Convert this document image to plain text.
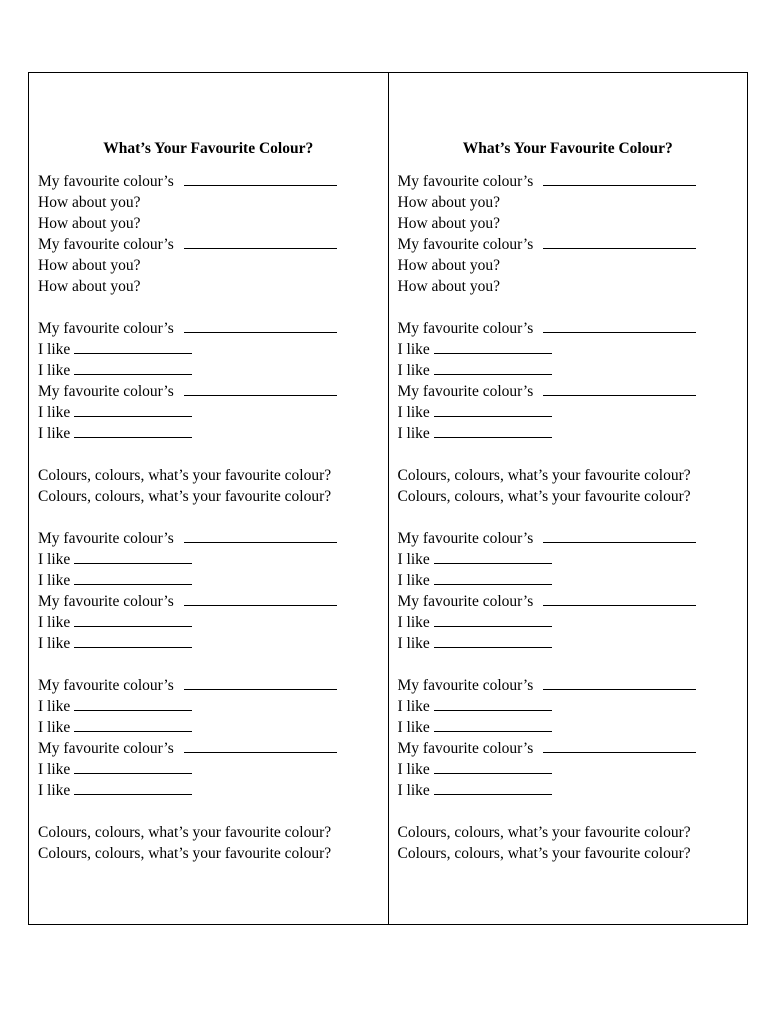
What’s Your Favourite Colour?
My favourite colour’s
How about you?
How about you?
My favourite colour’s
How about you?
How about you?
My favourite colour’s
I like
I like
My favourite colour’s
I like
I like
Colours, colours, what’s your favourite colour?
Colours, colours, what’s your favourite colour?
My favourite colour’s
I like
I like
My favourite colour’s
I like
I like
My favourite colour’s
I like
I like
My favourite colour’s
I like
I like
Colours, colours, what’s your favourite colour?
Colours, colours, what’s your favourite colour?
What’s Your Favourite Colour?
My favourite colour’s
How about you?
How about you?
My favourite colour’s
How about you?
How about you?
My favourite colour’s
I like
I like
My favourite colour’s
I like
I like
Colours, colours, what’s your favourite colour?
Colours, colours, what’s your favourite colour?
My favourite colour’s
I like
I like
My favourite colour’s
I like
I like
My favourite colour’s
I like
I like
My favourite colour’s
I like
I like
Colours, colours, what’s your favourite colour?
Colours, colours, what’s your favourite colour?
